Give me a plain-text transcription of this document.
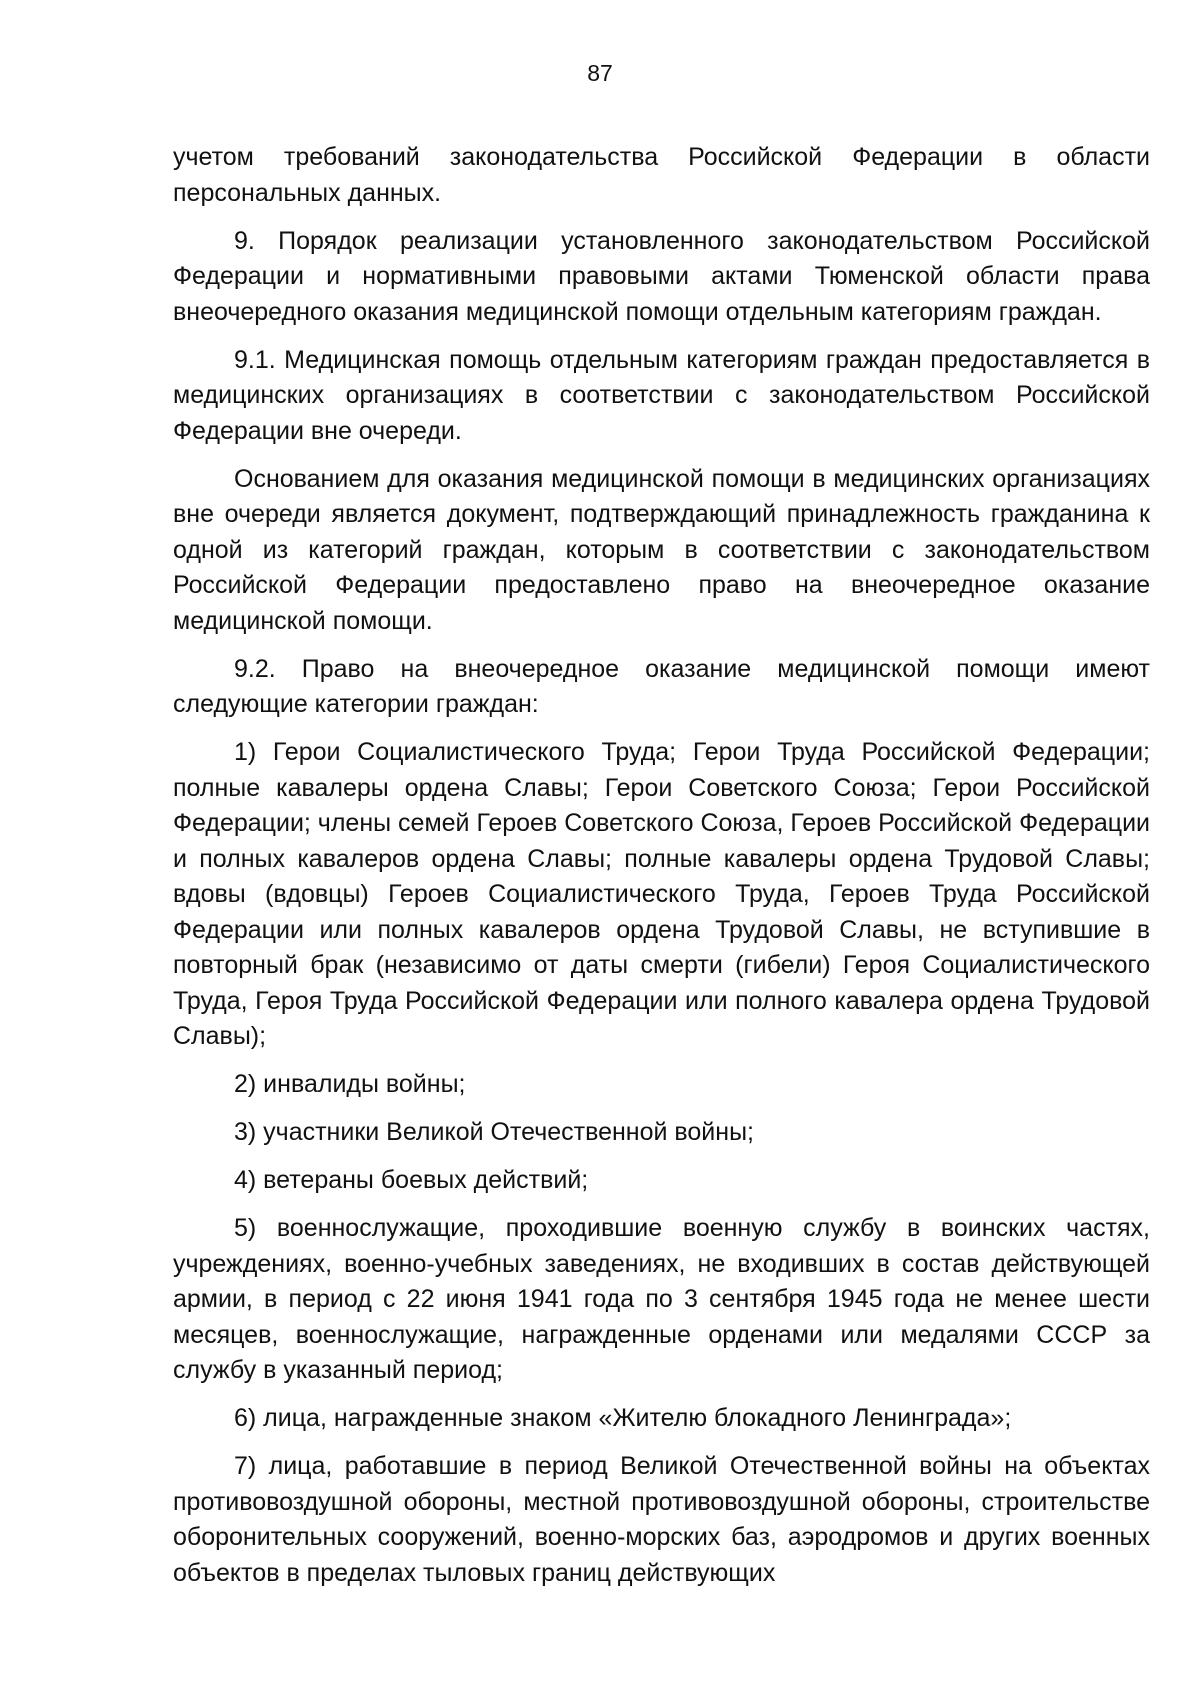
87

учетом требований законодательства Российской Федерации в области персональных данных.

9. Порядок реализации установленного законодательством Российской Федерации и нормативными правовыми актами Тюменской области права внеочередного оказания медицинской помощи отдельным категориям граждан.

9.1. Медицинская помощь отдельным категориям граждан предоставляется в медицинских организациях в соответствии с законодательством Российской Федерации вне очереди.

Основанием для оказания медицинской помощи в медицинских организациях вне очереди является документ, подтверждающий принадлежность гражданина к одной из категорий граждан, которым в соответствии с законодательством Российской Федерации предоставлено право на внеочередное оказание медицинской помощи.

9.2. Право на внеочередное оказание медицинской помощи имеют следующие категории граждан:

1) Герои Социалистического Труда; Герои Труда Российской Федерации; полные кавалеры ордена Славы; Герои Советского Союза; Герои Российской Федерации; члены семей Героев Советского Союза, Героев Российской Федерации и полных кавалеров ордена Славы; полные кавалеры ордена Трудовой Славы; вдовы (вдовцы) Героев Социалистического Труда, Героев Труда Российской Федерации или полных кавалеров ордена Трудовой Славы, не вступившие в повторный брак (независимо от даты смерти (гибели) Героя Социалистического Труда, Героя Труда Российской Федерации или полного кавалера ордена Трудовой Славы);

2) инвалиды войны;

3) участники Великой Отечественной войны;

4) ветераны боевых действий;

5) военнослужащие, проходившие военную службу в воинских частях, учреждениях, военно-учебных заведениях, не входивших в состав действующей армии, в период с 22 июня 1941 года по 3 сентября 1945 года не менее шести месяцев, военнослужащие, награжденные орденами или медалями СССР за службу в указанный период;

6) лица, награжденные знаком «Жителю блокадного Ленинграда»;

7) лица, работавшие в период Великой Отечественной войны на объектах противовоздушной обороны, местной противовоздушной обороны, строительстве оборонительных сооружений, военно-морских баз, аэродромов и других военных объектов в пределах тыловых границ действующих
